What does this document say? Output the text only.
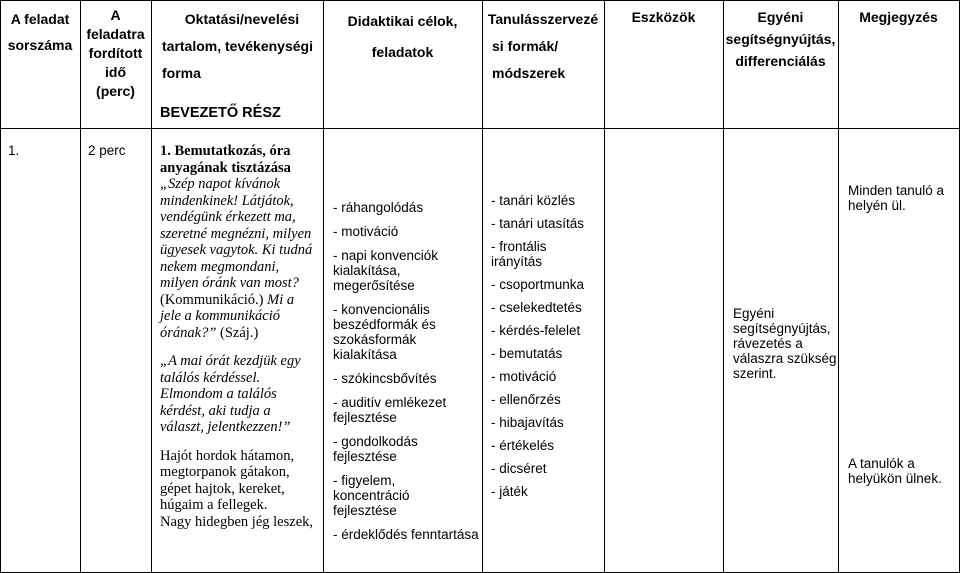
A feladat
sorszáma
A
feladatra
fordított
idő
(perc)
Oktatási/nevelési
tartalom, tevékenységi
forma
Didaktikai célok,
feladatok
Tanulásszervezé
si formák/
módszerek
Eszközök	Egyéni
segítségnyújtás,
differenciálás
Megjegyzés
BEVEZETŐ RÉSZ
1.	2 perc 1. Bemutatkozás, óra
anyagának tisztázása
„Szép napot kívánok
mindenkinek! Látjátok,
vendégünk érkezett ma,
szeretné megnézni, milyen
ügyesek vagytok. Ki tudná
nekem megmondani,
milyen óránk van most?
(Kommunikáció.) Mi a
jele a kommunikáció
órának?” (Száj.)
„A mai órát kezdjük egy
találós kérdéssel.
Elmondom a találós
kérdést, aki tudja a
választ, jelentkezzen!”
Hajót hordok hátamon,
megtorpanok gátakon,
gépet hajtok, kereket,
húgaim a fellegek.
Nagy hidegben jég leszek,
- ráhangolódás
- motiváció
- napi konvenciók
kialakítása,
megerősítése
- konvencionális
beszédformák és
szokásformák
kialakítása
- szókincsbővítés
- auditív emlékezet
fejlesztése
- gondolkodás
fejlesztése
- figyelem,
koncentráció
fejlesztése
- érdeklődés fenntartása
- tanári közlés
- tanári utasítás
- frontális
irányítás
- csoportmunka
- cselekedtetés
- kérdés-felelet
- bemutatás
- motiváció
- ellenőrzés
- hibajavítás
- értékelés
- dicséret
- játék
Egyéni
segítségnyújtás,
rávezetés a
válaszra szükség
szerint.
Minden tanuló a
helyén ül.
A tanulók a
helyükön ülnek.
